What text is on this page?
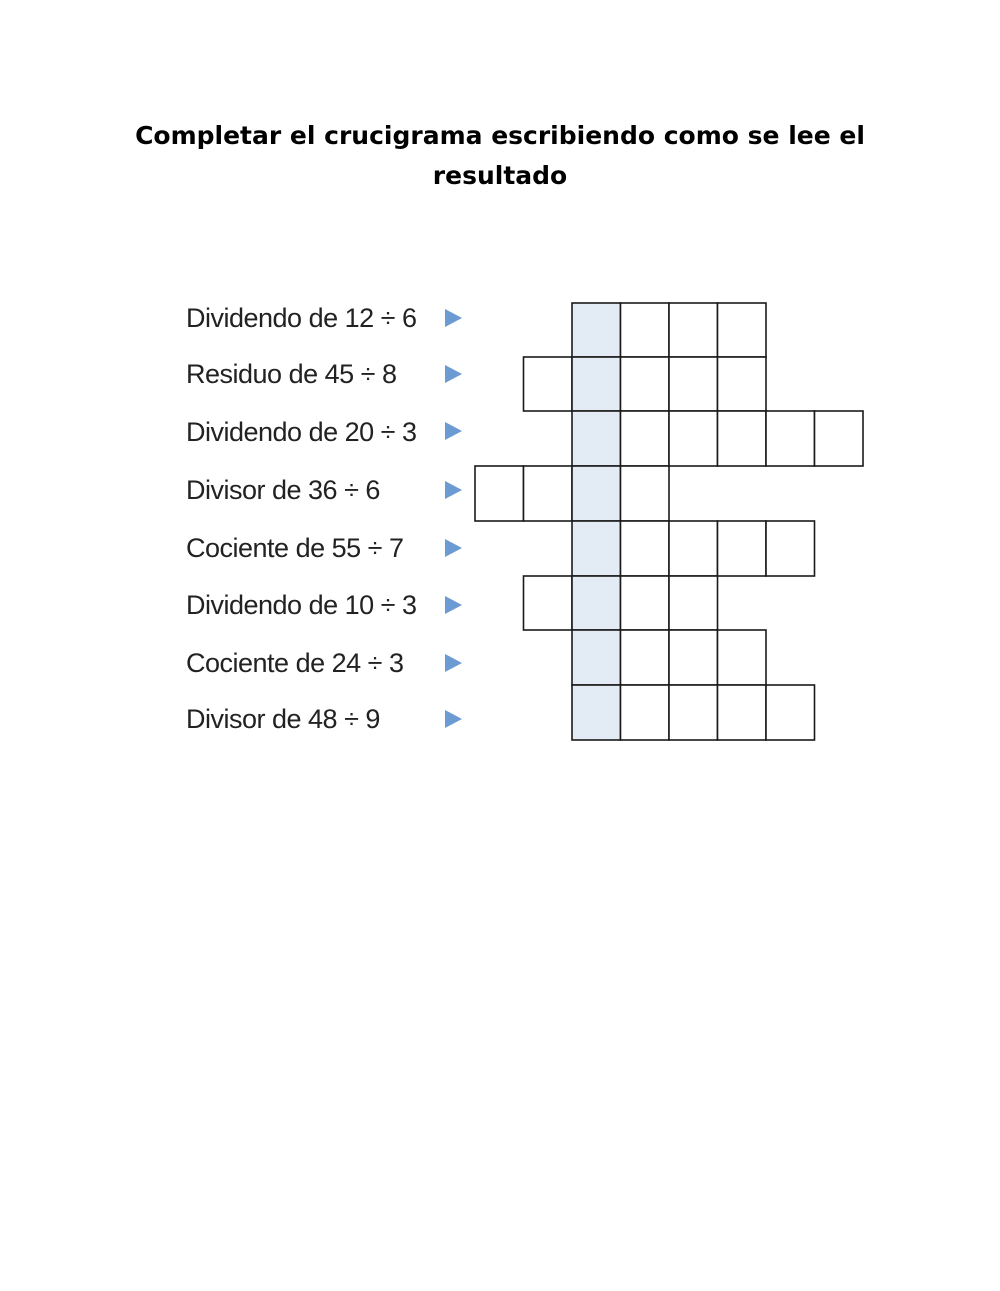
Completar el crucigrama escribiendo como se lee el resultado
Dividendo de 12 ÷ 6
Residuo de 45 ÷ 8
Dividendo de 20 ÷ 3
Divisor de 36 ÷ 6
Cociente de 55 ÷ 7
Dividendo de 10 ÷ 3
Cociente de 24 ÷ 3
Divisor de 48 ÷ 9
